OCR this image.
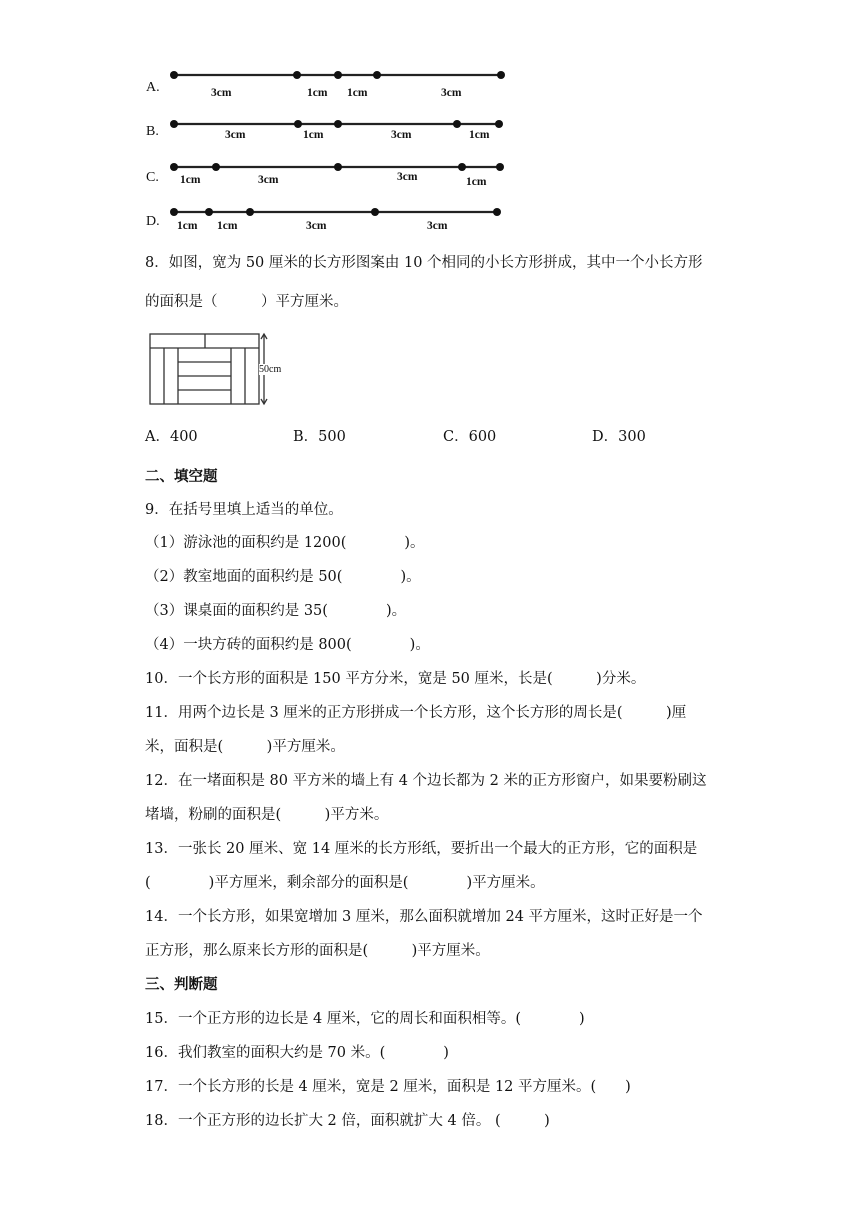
A.	3cm	1cm 1cm	3cm
B.	3cm	1cm	3cm	1cm
C. 1cm	3cm	3cm	1cm
D. 1cm 1cm	3cm	3cm
8．如图，宽为 50 厘米的长方形图案由 10 个相同的小长方形拼成，其中一个小长方形
的面积是（　　　）平方厘米。
50cm
A．400	B．500	C．600	D．300
二、填空题
9．在括号里填上适当的单位。
（1）游泳池的面积约是 1200(　　　　)。
（2）教室地面的面积约是 50(　　　　)。
（3）课桌面的面积约是 35(　　　　)。
（4）一块方砖的面积约是 800(　　　　)。
10．一个长方形的面积是 150 平方分米，宽是 50 厘米，长是(　　　)分米。
11．用两个边长是 3 厘米的正方形拼成一个长方形，这个长方形的周长是(　　　)厘
米，面积是(　　　)平方厘米。
12．在一堵面积是 80 平方米的墙上有 4 个边长都为 2 米的正方形窗户，如果要粉刷这
堵墙，粉刷的面积是(　　　)平方米。
13．一张长 20 厘米、宽 14 厘米的长方形纸，要折出一个最大的正方形，它的面积是
(　　　　)平方厘米，剩余部分的面积是(　　　　)平方厘米。
14．一个长方形，如果宽增加 3 厘米，那么面积就增加 24 平方厘米，这时正好是一个
正方形，那么原来长方形的面积是(　　　)平方厘米。
三、判断题
15．一个正方形的边长是 4 厘米，它的周长和面积相等。(　　　　)
16．我们教室的面积大约是 70 米。(　　　　)
17．一个长方形的长是 4 厘米，宽是 2 厘米，面积是 12 平方厘米。(　　)
18．一个正方形的边长扩大 2 倍，面积就扩大 4 倍。 (　　　)
